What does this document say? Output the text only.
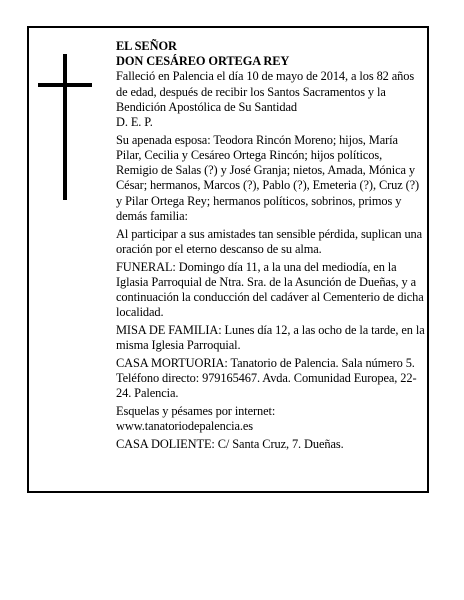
EL SEÑOR

DON CESÁREO ORTEGA REY

Falleció en Palencia el día 10 de mayo de 2014, a los 82 años de edad, después de recibir los Santos Sacramentos y la Bendición Apostólica de Su Santidad

D. E. P.

Su apenada esposa: Teodora Rincón Moreno; hijos, María Pilar, Cecilia y Cesáreo Ortega Rincón; hijos políticos, Remigio de Salas (?) y José Granja; nietos, Amada, Mónica y César; hermanos, Marcos (?), Pablo (?), Emeteria (?), Cruz (?) y Pilar Ortega Rey; hermanos políticos, sobrinos, primos y demás familia:

Al participar a sus amistades tan sensible pérdida, suplican una oración por el eterno descanso de su alma.

FUNERAL: Domingo día 11, a la una del mediodía, en la Iglasia Parroquial de Ntra. Sra. de la Asunción de Dueñas, y a continuación la conducción del cadáver al Cementerio de dicha localidad.

MISA DE FAMILIA: Lunes día 12, a las ocho de la tarde, en la misma Iglesia Parroquial.

CASA MORTUORIA: Tanatorio de Palencia. Sala número 5. Teléfono directo: 979165467. Avda. Comunidad Europea, 22-24. Palencia.

Esquelas y pésames por internet:

www.tanatoriodepalencia.es

CASA DOLIENTE: C/ Santa Cruz, 7. Dueñas.
